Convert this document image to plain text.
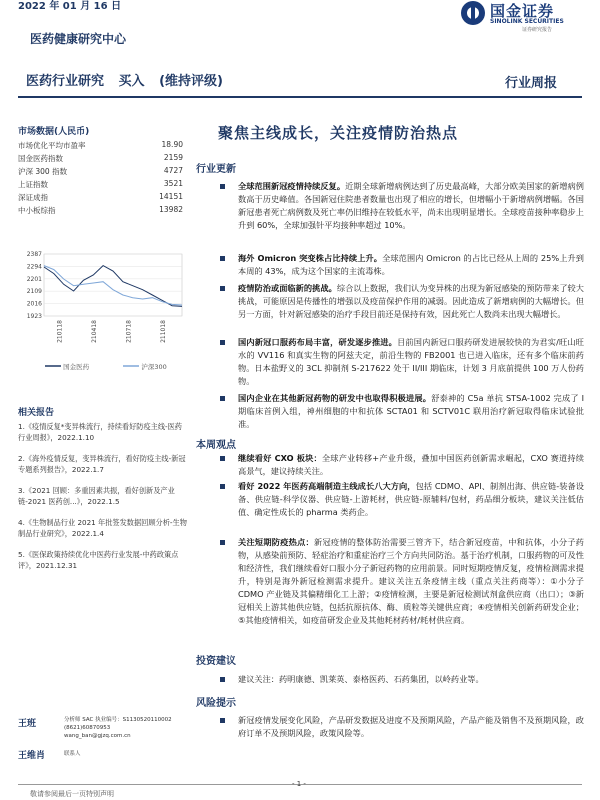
2022 年 01 月 16 日	国金证券
SINOLINK SECURITIES
证券研究报告
医药健康研究中心
医药行业研究 买入 (维持评级)	行业周报
市场数据(人民币)
市场优化平均市盈率	18.90
国金医药指数	2159
沪深 300 指数	4727
上证指数	3521
深证成指	14151
中小板综指	13982
1923
2016
2109
2201
2294
2387
210118	210418	210718	211018
国金医药	沪深300
相关报告
1.《疫情反复*变异株流行，持续看好防疫主线-医药行业周报》，2022.1.10
2.《海外疫情反复，变异株流行，看好防疫主线-新冠专题系列报告》，2022.1.7
3.《2021 回顾：多重因素共振，看好创新及产业链-2021 医药创...》，2022.1.5
4.《生物制品行业 2021 年批签发数据回顾分析-生物制品行业研究》，2022.1.4
5.《医保政策持续优化中医药行业发展-中药政策点评》，2021.12.31
王班	分析师 SAC 执业编号：S1130520110002
(8621)60870953
wang_ban@gjzq.com.cn
王维肖	联系人
聚焦主线成长，关注疫情防治热点
行业更新
全球范围新冠疫情持续反复。近期全球新增病例达到了历史最高峰，大部分欧美国家的新增病例数高于历史峰值。各国新冠住院患者数量也出现了相应的增长，但增幅小于新增病例增幅。各国新冠患者死亡病例数及死亡率仍旧维持在较低水平，尚未出现明显增长。全球疫苗接种率稳步上升到 60%，全球加强针平均接种率超过 10%。
海外 Omicron 突变株占比持续上升。全球范围内 Omicron 的占比已经从上周的 25%上升到本周的 43%，成为这个国家的主流毒株。
疫情防治或面临新的挑战。综合以上数据，我们认为变异株的出现为新冠感染的预防带来了较大挑战，可能原因是传播性的增强以及疫苗保护作用的减弱。因此造成了新增病例的大幅增长。但另一方面，针对新冠感染的治疗手段目前还是保持有效，因此死亡人数尚未出现大幅增长。
国内新冠口服药布局丰富，研发逐步推进。目前国内新冠口服药研发进展较快的为君实/旺山旺水的 VV116 和真实生物的阿兹夫定，前沿生物的 FB2001 也已进入临床，还有多个临床前药物。日本盐野义的 3CL 抑制剂 S-217622 处于 II/III 期临床，计划 3 月底前提供 100 万人份药物。
国内企业在其他新冠药物的研发中也取得积极进展。舒泰神的 C5a 单抗 STSA-1002 完成了 I 期临床首例入组，神州细胞的中和抗体 SCTA01 和 SCTV01C 联用治疗新冠取得临床试验批准。
本周观点
继续看好 CXO 板块：全球产业转移+产业升级，叠加中国医药创新需求崛起，CXO 赛道持续高景气，建议持续关注。
看好 2022 年医药高端制造主线成长八大方向，包括 CDMO、API、制剂出海、供应链-装备设备、供应链-科学仪器、供应链-上游耗材，供应链-原辅料/包材，药品细分板块，建议关注低估值、确定性成长的 pharma 类药企。
关注短期防疫热点：新冠疫情的整体防治需要三管齐下，结合新冠疫苗，中和抗体，小分子药物，从感染前预防、轻症治疗和重症治疗三个方向共同防治。基于治疗机制，口服药物的可及性和经济性，我们继续看好口服小分子新冠药物的应用前景。同时短期疫情反复，疫情检测需求提升，特别是海外新冠检测需求提升。建议关注五条疫情主线（重点关注药商等）：①小分子 CDMO 产业链及其偏精细化工上游；②疫情检测，主要是新冠检测试剂盒供应商（出口）；③新冠相关上游其他供应链，包括抗原抗体、酶、质粒等关键供应商；④疫情相关创新药研发企业；⑤其他疫情相关，如疫苗研发企业及其他耗材药材/耗材供应商。
投资建议
建议关注：药明康德、凯莱英、泰格医药、石药集团，以岭药业等。
风险提示
新冠疫情发展变化风险，产品研发数据及进度不及预期风险，产品产能及销售不及预期风险，政府订单不及预期风险，政策风险等。
- 1 -
敬请参阅最后一页特别声明
